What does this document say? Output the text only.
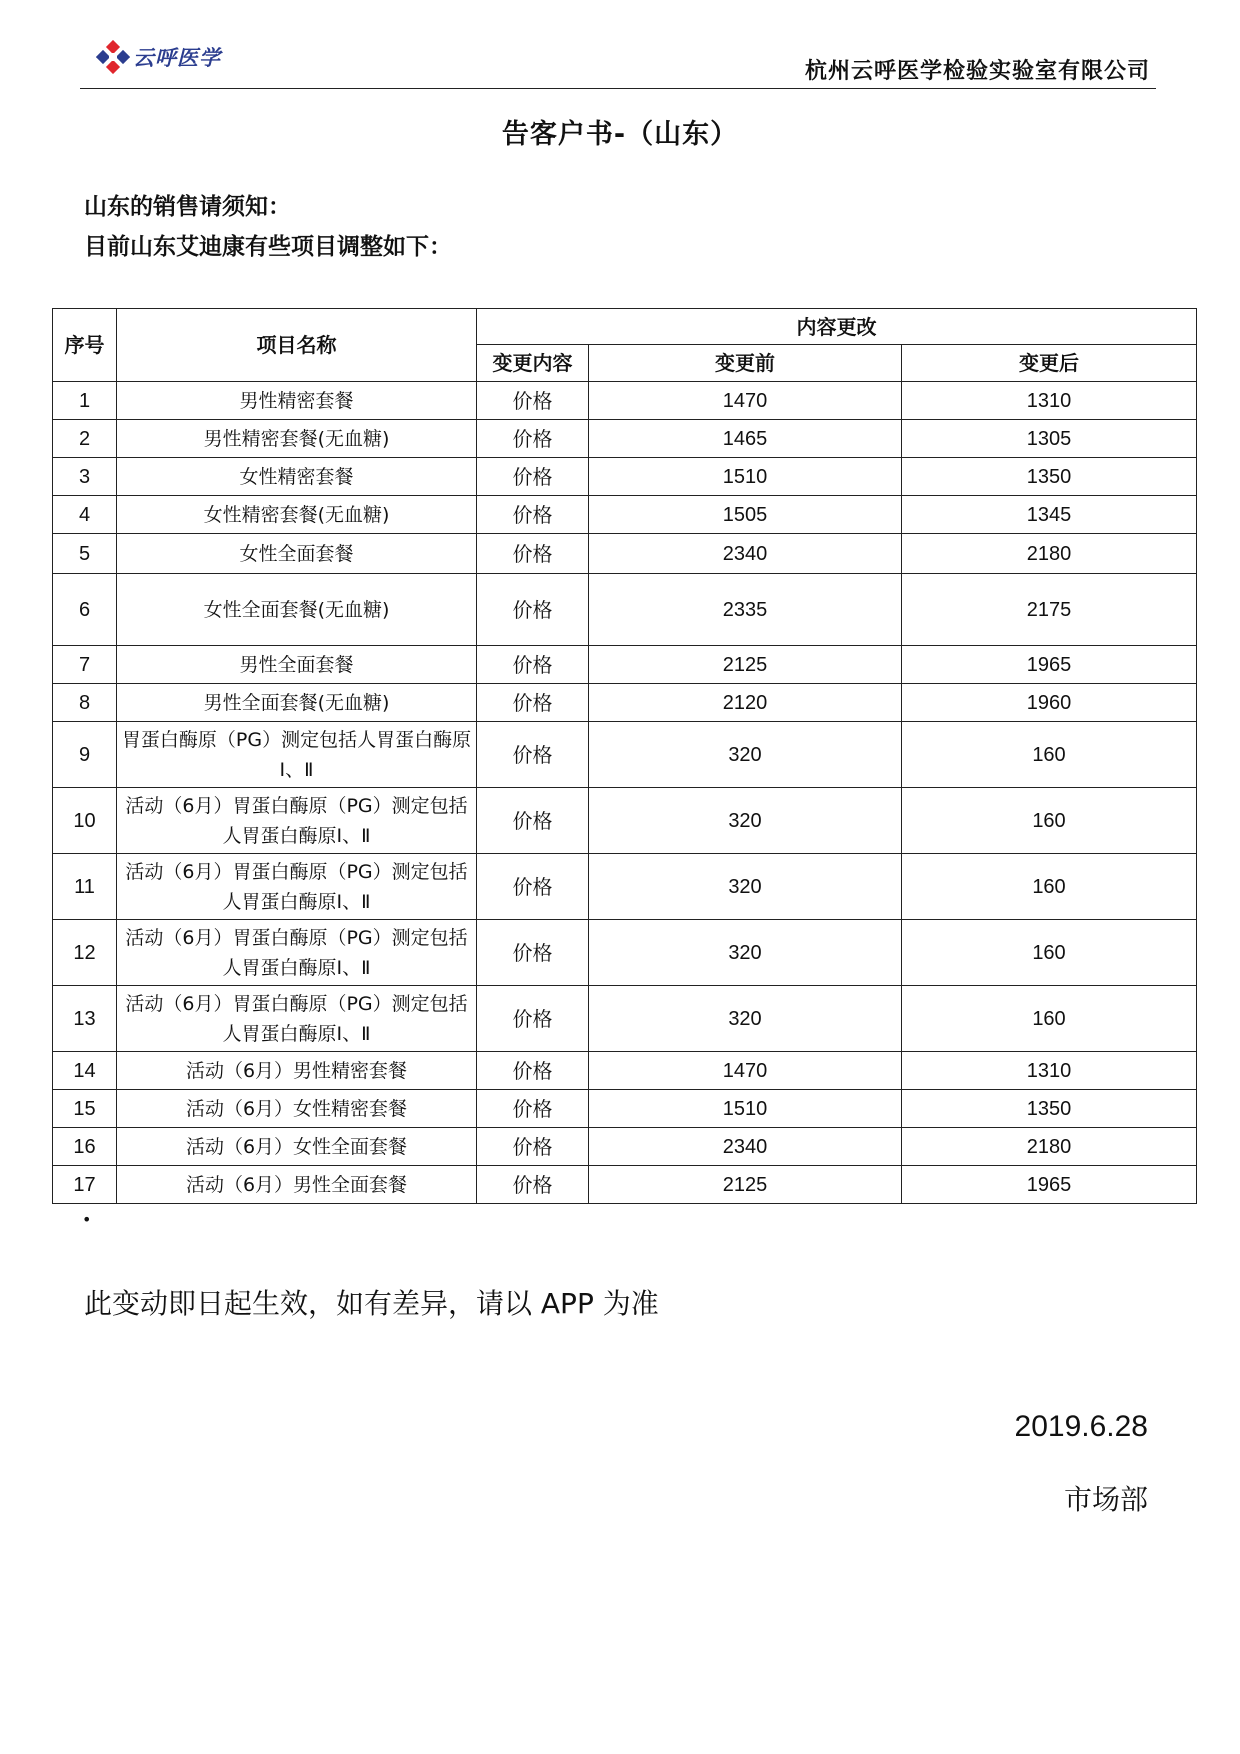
云呼医学
杭州云呼医学检验实验室有限公司
告客户书-（山东）
山东的销售请须知：
目前山东艾迪康有些项目调整如下：
序号	项目名称	内容更改		
		变更内容	变更前	变更后
1	男性精密套餐	价格	1470	1310
2	男性精密套餐(无血糖)	价格	1465	1305
3	女性精密套餐	价格	1510	1350
4	女性精密套餐(无血糖)	价格	1505	1345
5	女性全面套餐	价格	2340	2180
6	女性全面套餐(无血糖)	价格	2335	2175
7	男性全面套餐	价格	2125	1965
8	男性全面套餐(无血糖)	价格	2120	1960
9	胃蛋白酶原（PG）测定包括人胃蛋白酶原Ⅰ、Ⅱ	价格	320	160
10	活动（6月）胃蛋白酶原（PG）测定包括人胃蛋白酶原Ⅰ、Ⅱ	价格	320	160
11	活动（6月）胃蛋白酶原（PG）测定包括人胃蛋白酶原Ⅰ、Ⅱ	价格	320	160
12	活动（6月）胃蛋白酶原（PG）测定包括人胃蛋白酶原Ⅰ、Ⅱ	价格	320	160
13	活动（6月）胃蛋白酶原（PG）测定包括人胃蛋白酶原Ⅰ、Ⅱ	价格	320	160
14	活动（6月）男性精密套餐	价格	1470	1310
15	活动（6月）女性精密套餐	价格	1510	1350
16	活动（6月）女性全面套餐	价格	2340	2180
17	活动（6月）男性全面套餐	价格	2125	1965
•
此变动即日起生效，如有差异，请以 APP 为准
2019.6.28
市场部
